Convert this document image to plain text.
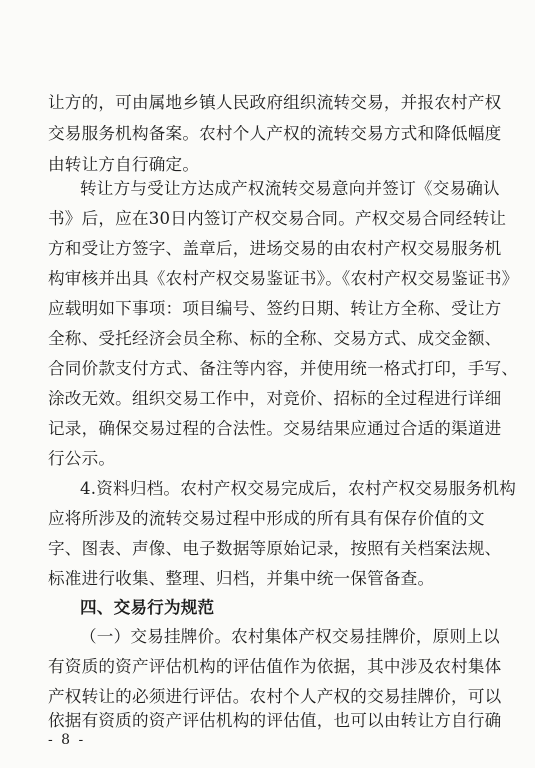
让方的，可由属地乡镇人民政府组织流转交易，并报农村产权
交易服务机构备案。农村个人产权的流转交易方式和降低幅度
由转让方自行确定。
转让方与受让方达成产权流转交易意向并签订《交易确认
书》后，应在30日内签订产权交易合同。产权交易合同经转让
方和受让方签字、盖章后，进场交易的由农村产权交易服务机
构审核并出具《农村产权交易鉴证书》。《农村产权交易鉴证书》
应载明如下事项：项目编号、签约日期、转让方全称、受让方
全称、受托经济会员全称、标的全称、交易方式、成交金额、
合同价款支付方式、备注等内容，并使用统一格式打印，手写、
涂改无效。组织交易工作中，对竞价、招标的全过程进行详细
记录，确保交易过程的合法性。交易结果应通过合适的渠道进
行公示。
4.资料归档。农村产权交易完成后，农村产权交易服务机构
应将所涉及的流转交易过程中形成的所有具有保存价值的文
字、图表、声像、电子数据等原始记录，按照有关档案法规、
标准进行收集、整理、归档，并集中统一保管备查。
四、交易行为规范
（一）交易挂牌价。农村集体产权交易挂牌价，原则上以
有资质的资产评估机构的评估值作为依据，其中涉及农村集体
产权转让的必须进行评估。农村个人产权的交易挂牌价，可以
依据有资质的资产评估机构的评估值，也可以由转让方自行确
- 8 -
